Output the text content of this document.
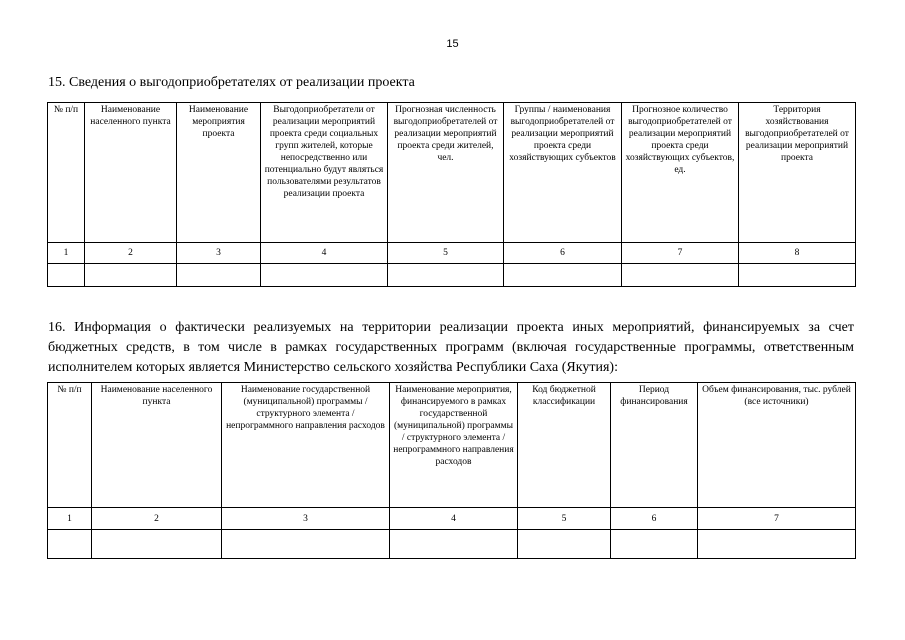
15
15. Сведения о выгодоприобретателях от реализации проекта
№ п/п	Наименование населенного пункта	Наименование мероприятия проекта	Выгодоприобретатели от реализации мероприятий проекта среди социальных групп жителей, которые непосредственно или потенциально будут являться пользователями результатов реализации проекта	Прогнозная численность выгодоприобретателей от реализации мероприятий проекта среди жителей, чел.	Группы / наименования выгодоприобретателей от реализации мероприятий проекта среди хозяйствующих субъектов	Прогнозное количество выгодоприобретателей от реализации мероприятий проекта среди хозяйствующих субъектов, ед.	Территория хозяйствования выгодоприобретателей от реализации мероприятий проекта
1	2	3	4	5	6	7	8

16. Информация о фактически реализуемых на территории реализации проекта иных мероприятий, финансируемых за счет бюджетных средств, в том числе в рамках государственных программ (включая государственные программы, ответственным исполнителем которых является Министерство сельского хозяйства Республики Саха (Якутия):

№ п/п	Наименование населенного пункта	Наименование государственной (муниципальной) программы / структурного элемента / непрограммного направления расходов	Наименование мероприятия, финансируемого в рамках государственной (муниципальной) программы / структурного элемента / непрограммного направления расходов	Код бюджетной классификации	Период финансирования	Объем финансирования, тыс. рублей (все источники)
1	2	3	4	5	6	7
